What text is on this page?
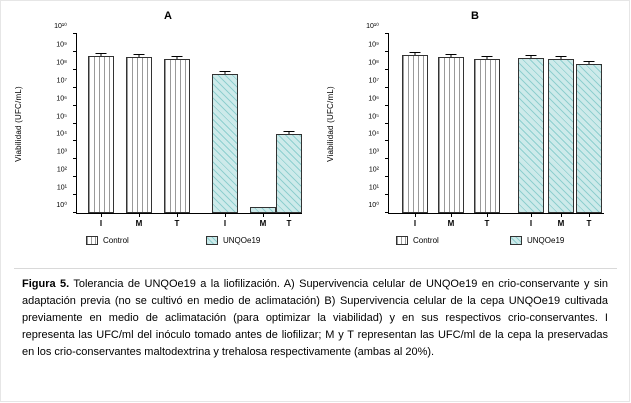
A
Viabilidad (UFC/mL)
10⁰
10¹
10²
10³
10⁴
10⁵
10⁶
10⁷
10⁸
10⁹
10¹⁰
I	M	T	I	M	T
Control	UNQOe19
B
Viabilidad (UFC/mL)
10⁰
10¹
10²
10³
10⁴
10⁵
10⁶
10⁷
10⁸
10⁹
10¹⁰
I	M	T	I	M	T
Control	UNQOe19
Figura 5. Tolerancia de UNQOe19 a la liofilización. A) Supervivencia celular de UNQOe19 en crio-conservante y sin adaptación previa (no se cultivó en medio de aclimatación) B) Supervivencia celular de la cepa UNQOe19 cultivada previamente en medio de aclimatación (para optimizar la viabilidad) y en sus respectivos crio-conservantes. I representa las UFC/ml del inóculo tomado antes de liofilizar; M y T representan las UFC/ml de la cepa la preservadas en los crio-conservantes maltodextrina y trehalosa respectivamente (ambas al 20%).
